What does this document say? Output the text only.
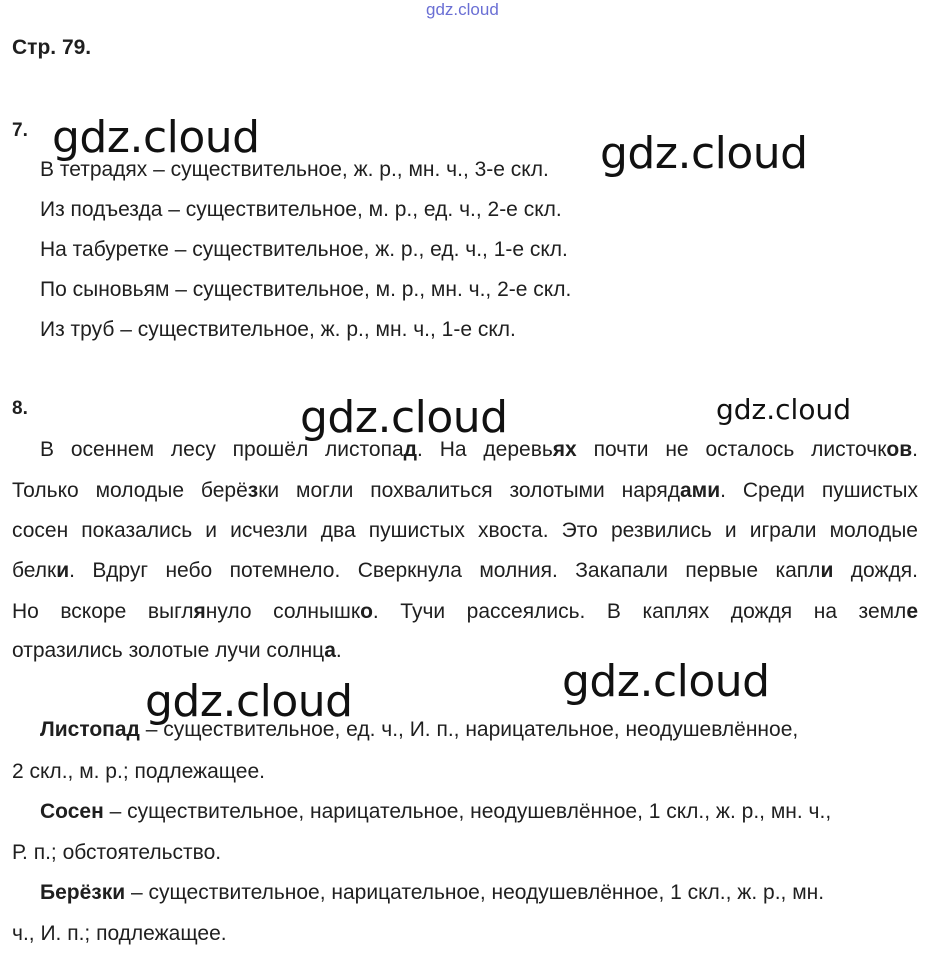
gdz.cloud
Стр. 79.
7.
В тетрадях – существительное, ж. р., мн. ч., 3-е скл.
Из подъезда – существительное, м. р., ед. ч., 2-е скл.
На табуретке – существительное, ж. р., ед. ч., 1-е скл.
По сыновьям – существительное, м. р., мн. ч., 2-е скл.
Из труб – существительное, ж. р., мн. ч., 1-е скл.
8.
В осеннем лесу прошёл листопад. На деревьях почти не осталось листочков.
Только молодые берёзки могли похвалиться золотыми нарядами. Среди пушистых
сосен показались и исчезли два пушистых хвоста. Это резвились и играли молодые
белки. Вдруг небо потемнело. Сверкнула молния. Закапали первые капли дождя.
Но вскоре выглянуло солнышко. Тучи рассеялись. В каплях дождя на земле
отразились золотые лучи солнца.
Листопад – существительное, ед. ч., И. п., нарицательное, неодушевлённое,
2 скл., м. р.; подлежащее.
Сосен – существительное, нарицательное, неодушевлённое, 1 скл., ж. р., мн. ч.,
Р. п.; обстоятельство.
Берёзки – существительное, нарицательное, неодушевлённое, 1 скл., ж. р., мн.
ч., И. п.; подлежащее.
gdz.cloud	gdz.cloud
gdz.cloud	gdz.cloud
gdz.cloud
gdz.cloud
